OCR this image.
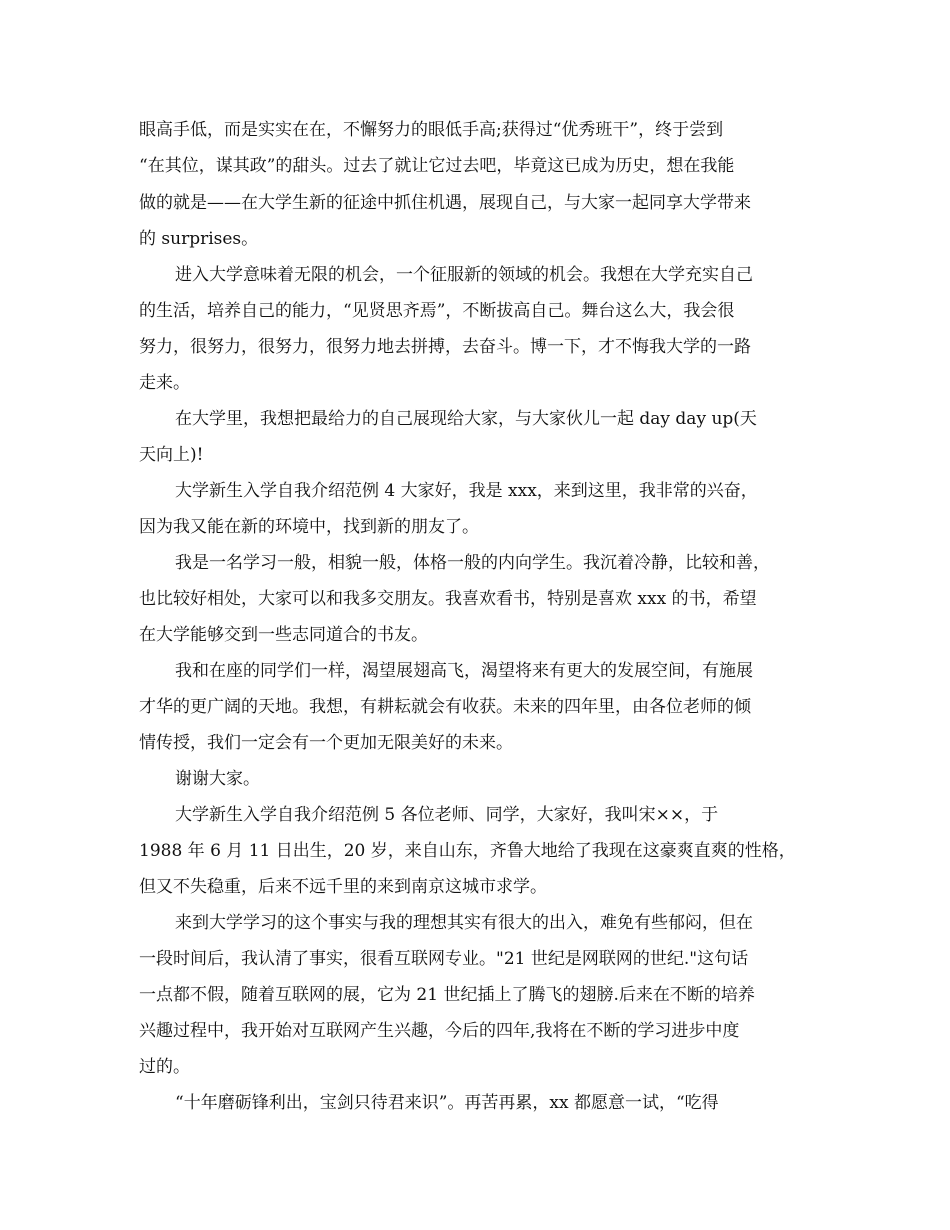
眼高手低，而是实实在在，不懈努力的眼低手高;获得过“优秀班干”，终于尝到
“在其位，谋其政”的甜头。过去了就让它过去吧，毕竟这已成为历史，想在我能
做的就是——在大学生新的征途中抓住机遇，展现自己，与大家一起同享大学带来
的 surprises。
进入大学意味着无限的机会，一个征服新的领域的机会。我想在大学充实自己
的生活，培养自己的能力，“见贤思齐焉”，不断拔高自己。舞台这么大，我会很
努力，很努力，很努力，很努力地去拼搏，去奋斗。博一下，才不悔我大学的一路
走来。
在大学里，我想把最给力的自己展现给大家，与大家伙儿一起 day day up(天
天向上)!
大学新生入学自我介绍范例 4 大家好，我是 xxx，来到这里，我非常的兴奋，
因为我又能在新的环境中，找到新的朋友了。
我是一名学习一般，相貌一般，体格一般的内向学生。我沉着冷静，比较和善，
也比较好相处，大家可以和我多交朋友。我喜欢看书，特别是喜欢 xxx 的书，希望
在大学能够交到一些志同道合的书友。
我和在座的同学们一样，渴望展翅高飞，渴望将来有更大的发展空间，有施展
才华的更广阔的天地。我想，有耕耘就会有收获。未来的四年里，由各位老师的倾
情传授，我们一定会有一个更加无限美好的未来。
谢谢大家。
大学新生入学自我介绍范例 5 各位老师、同学，大家好，我叫宋××，于
1988 年 6 月 11 日出生，20 岁，来自山东，齐鲁大地给了我现在这豪爽直爽的性格，
但又不失稳重，后来不远千里的来到南京这城市求学。
来到大学学习的这个事实与我的理想其实有很大的出入，难免有些郁闷，但在
一段时间后，我认清了事实，很看互联网专业。"21 世纪是网联网的世纪."这句话
一点都不假，随着互联网的展，它为 21 世纪插上了腾飞的翅膀.后来在不断的培养
兴趣过程中，我开始对互联网产生兴趣，今后的四年,我将在不断的学习进步中度
过的。
“十年磨砺锋利出，宝剑只待君来识”。再苦再累，xx 都愿意一试，“吃得
